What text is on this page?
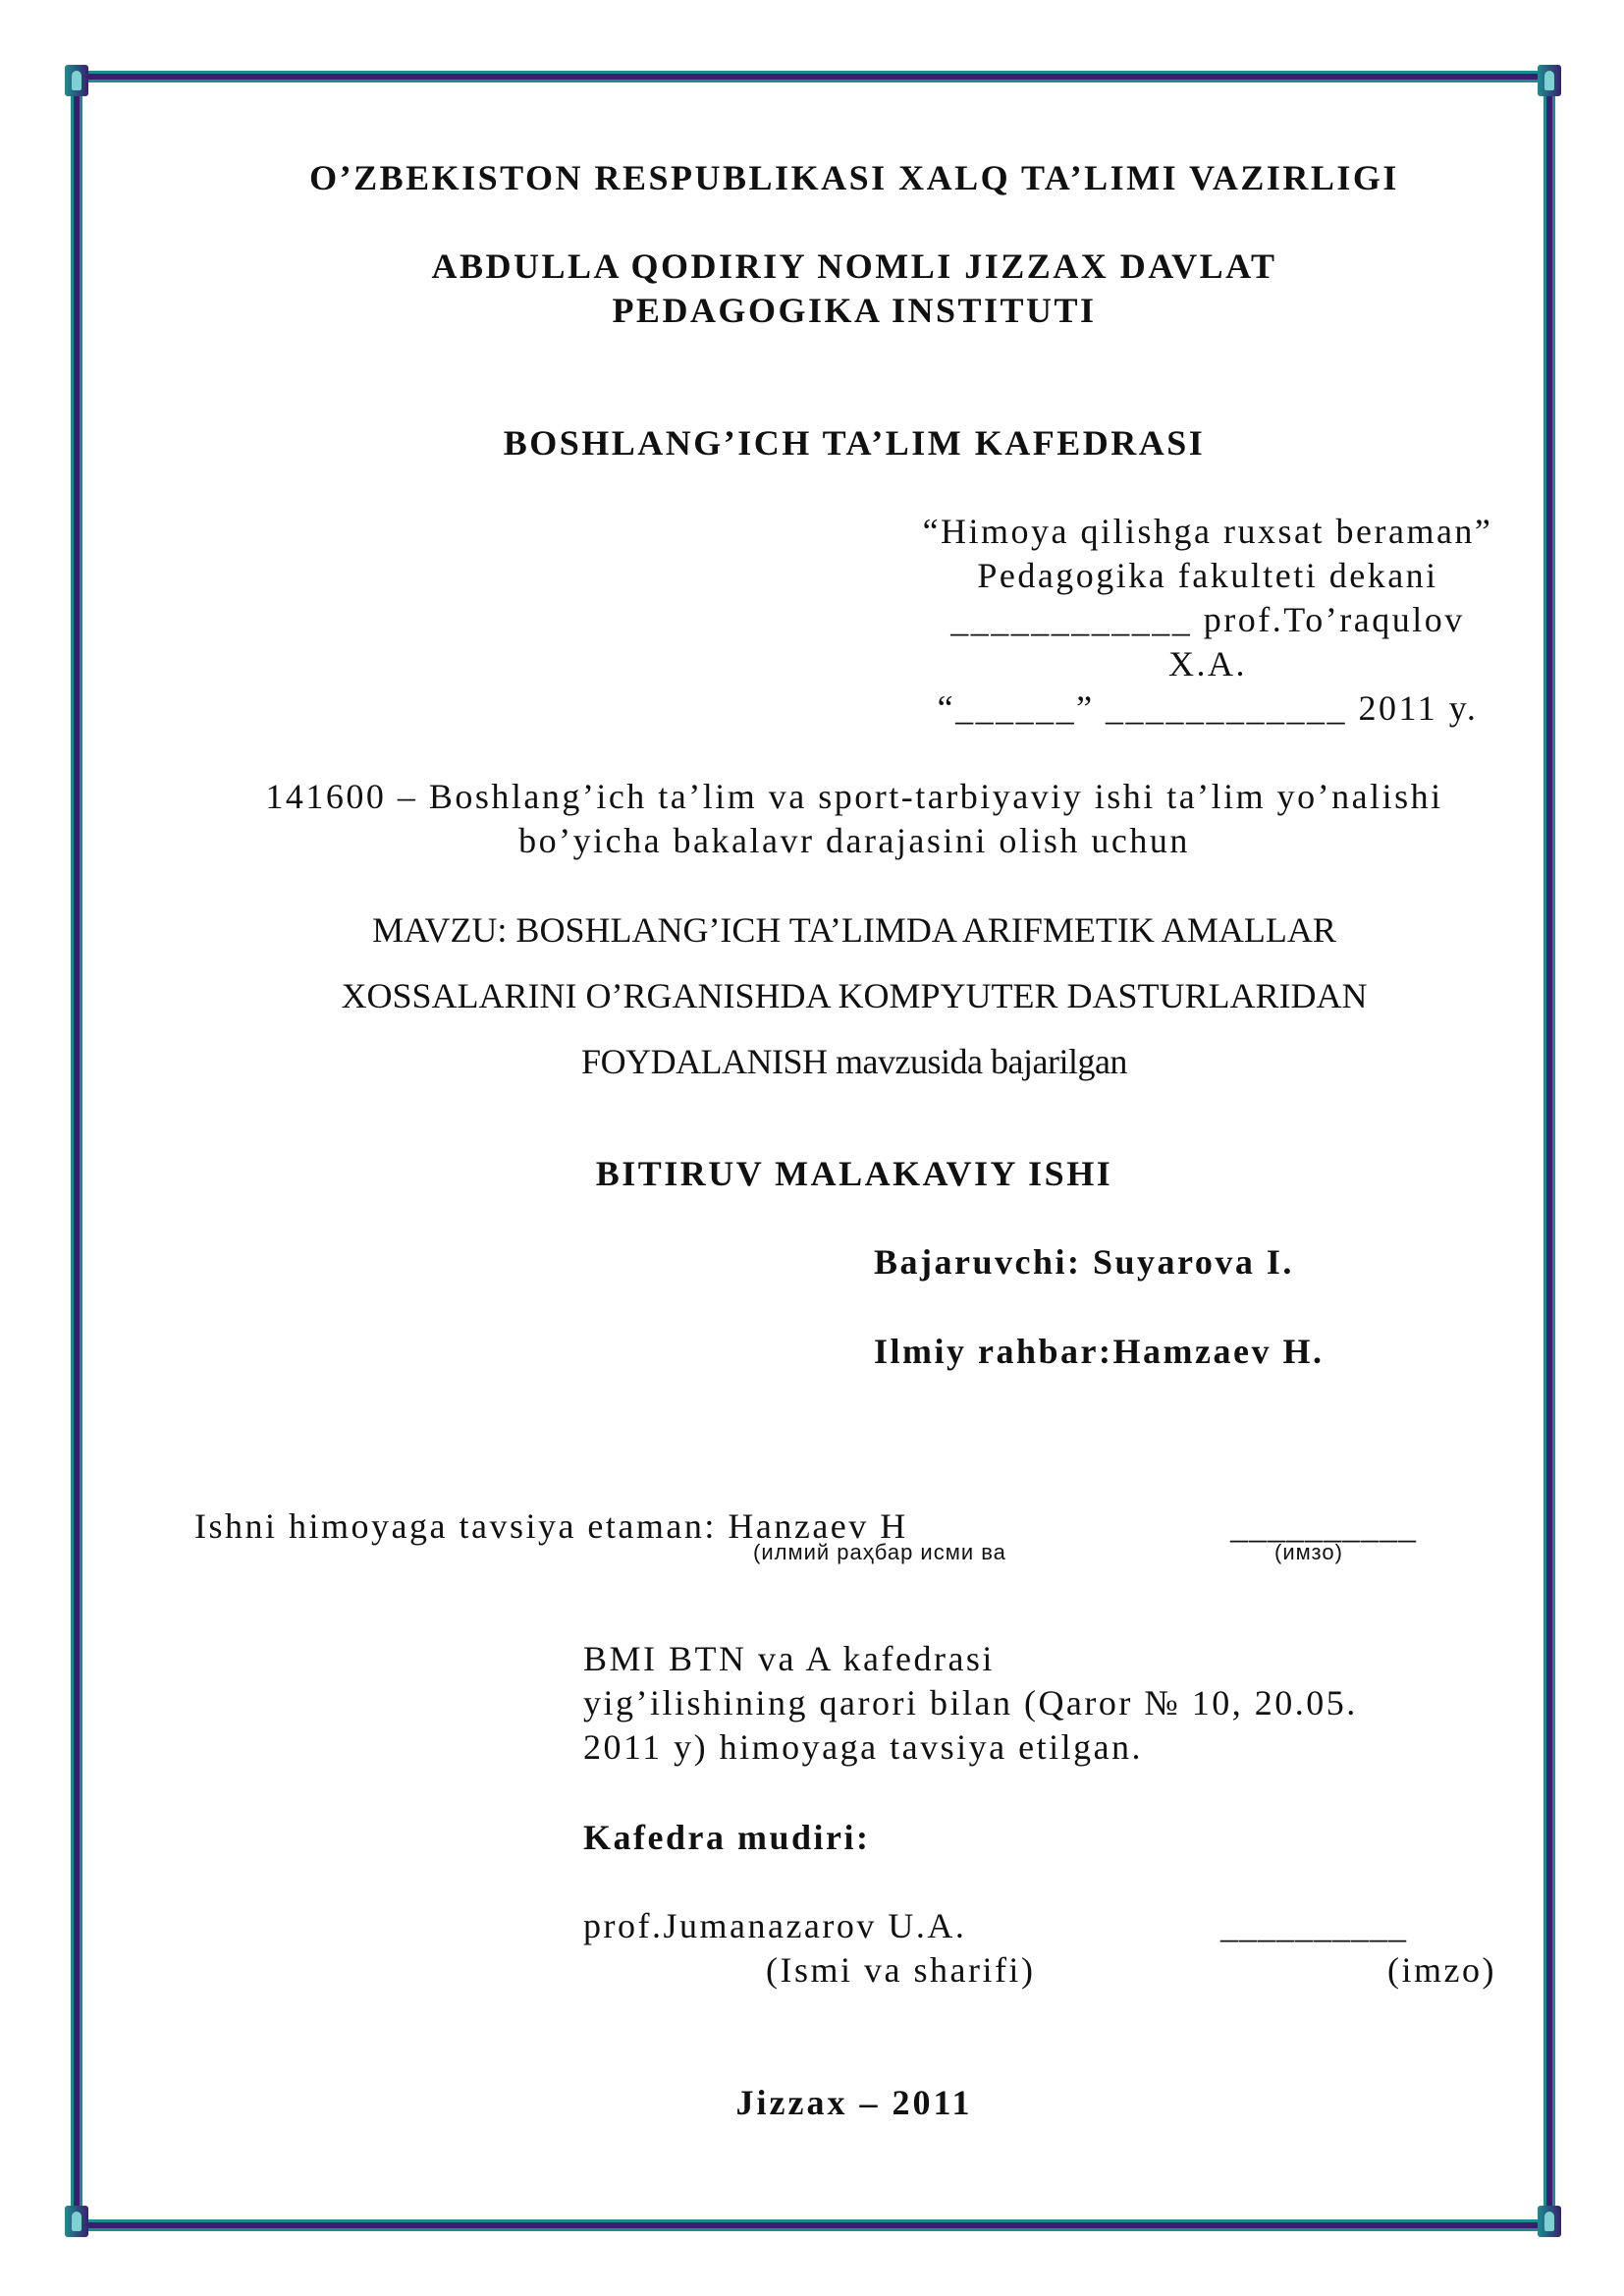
O’ZBEKISTON RESPUBLIKASI XALQ TA’LIMI VAZIRLIGI
ABDULLA QODIRIY NOMLI JIZZAX DAVLAT
PEDAGOGIKA INSTITUTI
BOSHLANG’ICH TA’LIM KAFEDRASI
“Himoya qilishga ruxsat beraman”
Pedagogika fakulteti dekani
____________ prof.To’raqulov
X.A.
“______” ____________ 2011 y.
141600 – Boshlang’ich ta’lim va sport-tarbiyaviy ishi ta’lim yo’nalishi
bo’yicha bakalavr darajasini olish uchun
MAVZU: BOSHLANG’ICH TA’LIMDA ARIFMETIK AMALLAR
XOSSALARINI O’RGANISHDA KOMPYUTER DASTURLARIDAN
FOYDALANISH mavzusida bajarilgan
BITIRUV MALAKAVIY ISHI
Bajaruvchi: Suyarova I.
Ilmiy rahbar:Hamzaev H.
Ishni himoyaga tavsiya etaman: Hanzaev H	__________
(илмий раҳбар исми ва	(имзо)
BMI BTN va A kafedrasi
yig’ilishining qarori bilan (Qaror № 10, 20.05.
2011 y) himoyaga tavsiya etilgan.
Kafedra mudiri:
prof.Jumanazarov U.A.	__________
(Ismi va sharifi)	(imzo)
Jizzax – 2011
